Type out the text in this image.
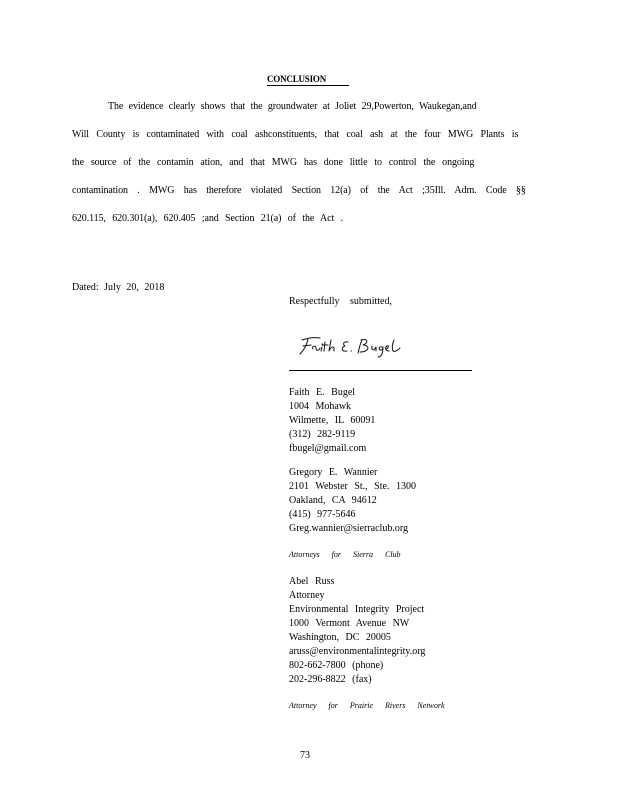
CONCLUSION
The evidence clearly shows that the groundwater at Joliet 29,Powerton, Waukegan,and
Will County is contaminated with coal ashconstituents, that coal ash at the four MWG Plants is
the source of the contamin ation, and that MWG has done little to control the ongoing
contamination . MWG has therefore violated Section 12(a) of the Act ;35Ill. Adm. Code §§
620.115, 620.301(a), 620.405 ;and Section 21(a) of the Act .
Dated: July 20, 2018
Respectfully submitted,
Faith E. Bugel
Faith E. Bugel
1004 Mohawk
Wilmette, IL 60091
(312) 282-9119
fbugel@gmail.com
Gregory E. Wannier
2101 Webster St., Ste. 1300
Oakland, CA 94612
(415) 977-5646
Greg.wannier@sierraclub.org
Attorneys for Sierra Club
Abel Russ
Attorney
Environmental Integrity Project
1000 Vermont Avenue NW
Washington, DC 20005
aruss@environmentalintegrity.org
802-662-7800 (phone)
202-296-8822 (fax)
Attorney for Prairie Rivers Network
73
